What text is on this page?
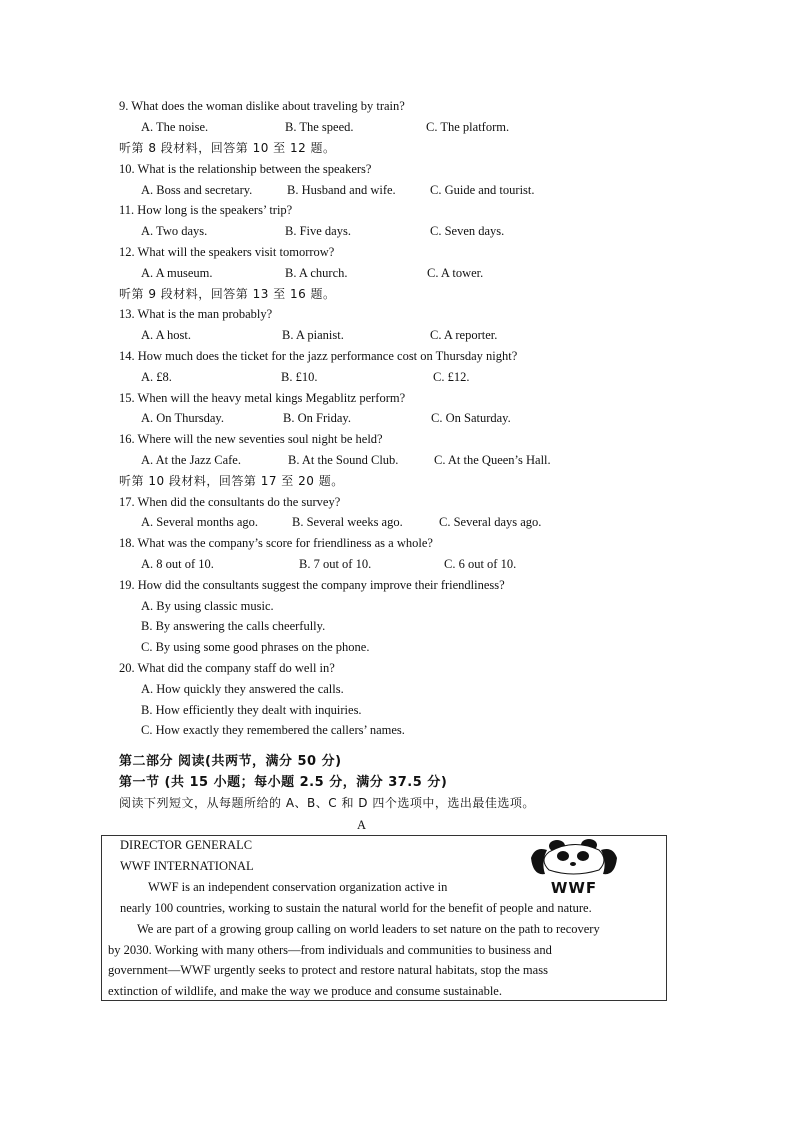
9. What does the woman dislike about traveling by train?
A. The noise.	B. The speed.	C. The platform.
听第 8 段材料，回答第 10 至 12 题。
10. What is the relationship between the speakers?
A. Boss and secretary.	B. Husband and wife.	C. Guide and tourist.
11. How long is the speakers’ trip?
A. Two days.	B. Five days.	C. Seven days.
12. What will the speakers visit tomorrow?
A. A museum.	B. A church.	C. A tower.
听第 9 段材料，回答第 13 至 16 题。
13. What is the man probably?
A. A host.	B. A pianist.	C. A reporter.
14. How much does the ticket for the jazz performance cost on Thursday night?
A. £8.	B. £10.	C. £12.
15. When will the heavy metal kings Megablitz perform?
A. On Thursday.	B. On Friday.	C. On Saturday.
16. Where will the new seventies soul night be held?
A. At the Jazz Cafe.	B. At the Sound Club.	C. At the Queen’s Hall.
听第 10 段材料，回答第 17 至 20 题。
17. When did the consultants do the survey?
A. Several months ago.	B. Several weeks ago.	C. Several days ago.
18. What was the company’s score for friendliness as a whole?
A. 8 out of 10.	B. 7 out of 10.	C. 6 out of 10.
19. How did the consultants suggest the company improve their friendliness?
A. By using classic music.
B. By answering the calls cheerfully.
C. By using some good phrases on the phone.
20. What did the company staff do well in?
A. How quickly they answered the calls.
B. How efficiently they dealt with inquiries.
C. How exactly they remembered the callers’ names.
第二部分 阅读(共两节，满分 50 分)
第一节 (共 15 小题；每小题 2.5 分，满分 37.5 分)
阅读下列短文，从每题所给的 A、B、C 和 D 四个选项中，选出最佳选项。
A
DIRECTOR GENERALC
WWF INTERNATIONAL
WWF is an independent conservation organization active in
nearly 100 countries, working to sustain the natural world for the benefit of people and nature.
We are part of a growing group calling on world leaders to set nature on the path to recovery
by 2030. Working with many others—from individuals and communities to business and
government—WWF urgently seeks to protect and restore natural habitats, stop the mass
extinction of wildlife, and make the way we produce and consume sustainable.
WWF
